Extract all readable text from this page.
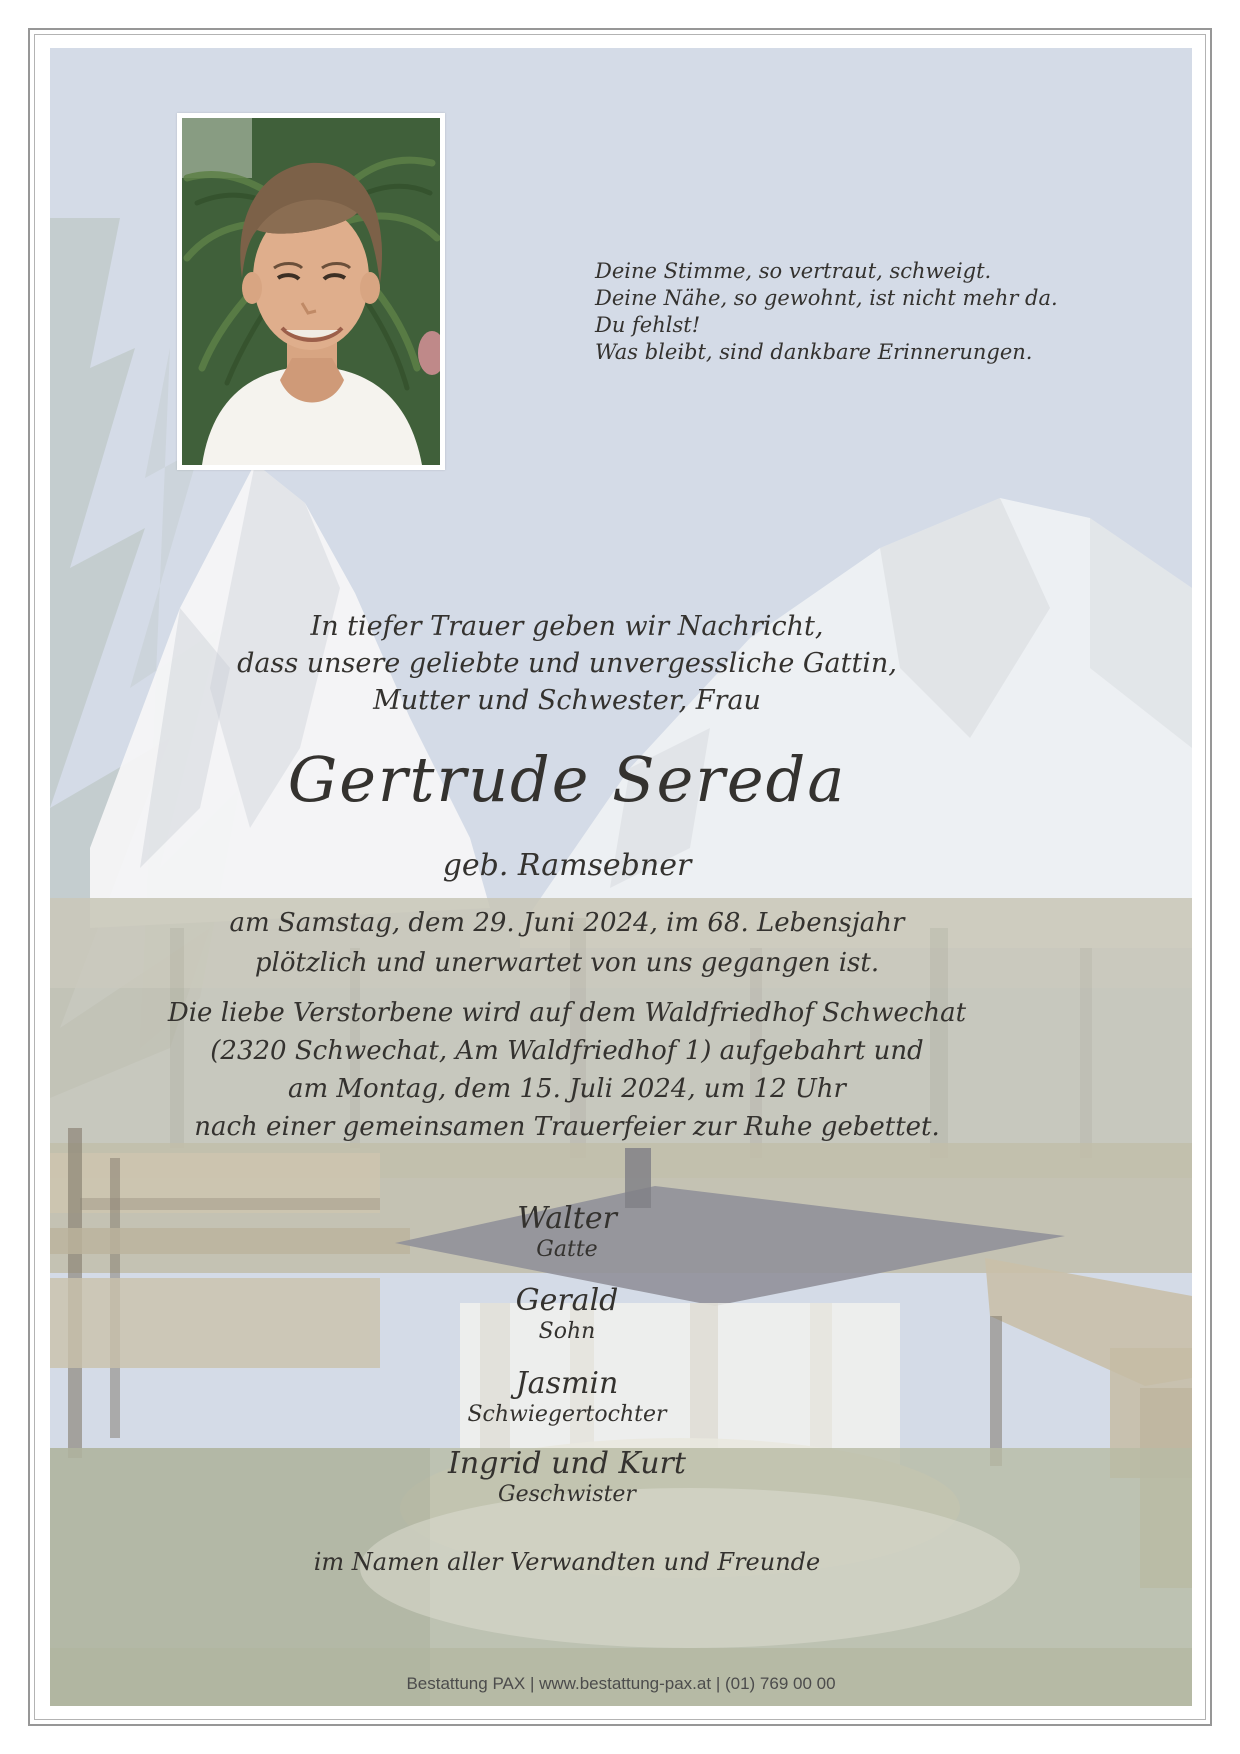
Deine Stimme, so vertraut, schweigt.
Deine Nähe, so gewohnt, ist nicht mehr da.
Du fehlst!
Was bleibt, sind dankbare Erinnerungen.
In tiefer Trauer geben wir Nachricht,
dass unsere geliebte und unvergessliche Gattin,
Mutter und Schwester, Frau
Gertrude Sereda
geb. Ramsebner
am Samstag, dem 29. Juni 2024, im 68. Lebensjahr
plötzlich und unerwartet von uns gegangen ist.
Die liebe Verstorbene wird auf dem Waldfriedhof Schwechat
(2320 Schwechat, Am Waldfriedhof 1) aufgebahrt und
am Montag, dem 15. Juli 2024, um 12 Uhr
nach einer gemeinsamen Trauerfeier zur Ruhe gebettet.
Walter
Gatte
Gerald
Sohn
Jasmin
Schwiegertochter
Ingrid und Kurt
Geschwister
im Namen aller Verwandten und Freunde
Bestattung PAX | www.bestattung-pax.at | (01) 769 00 00
